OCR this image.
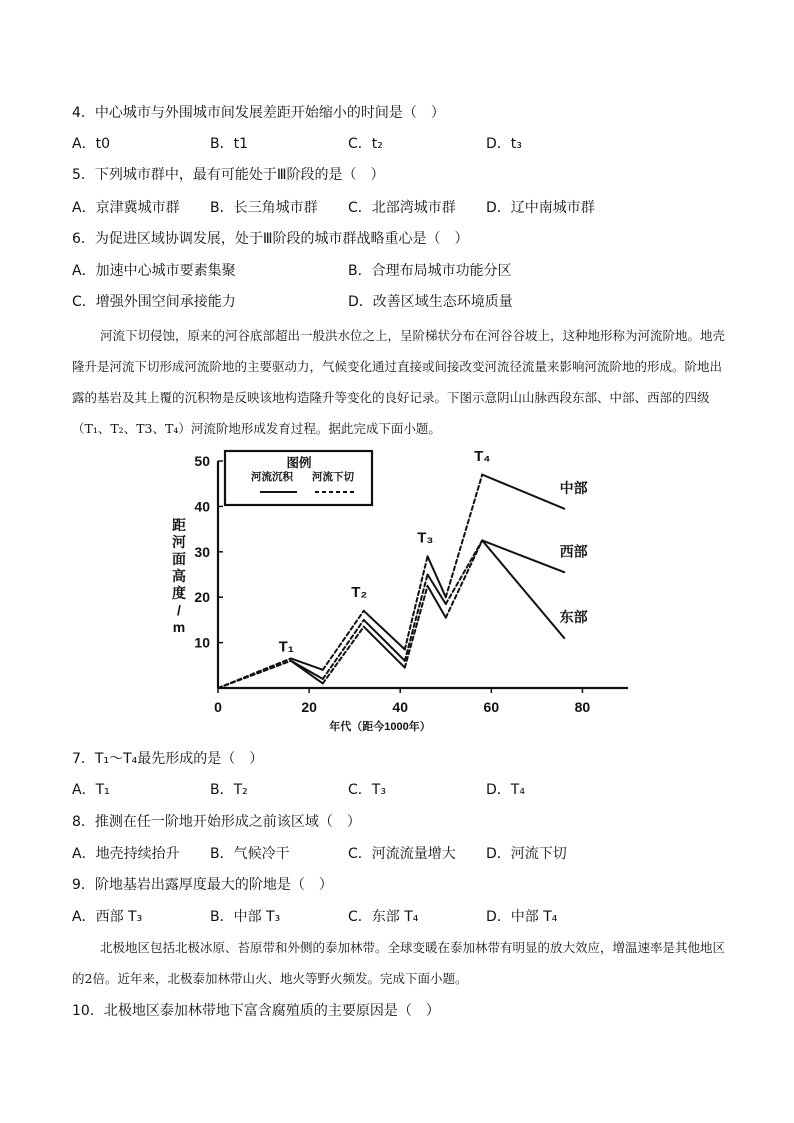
4．中心城市与外围城市间发展差距开始缩小的时间是（　）
A．t0	B．t1	C．t₂	D．t₃
5．下列城市群中，最有可能处于Ⅲ阶段的是（　）
A．京津冀城市群 B．长三角城市群 C．北部湾城市群 D．辽中南城市群
6．为促进区域协调发展，处于Ⅲ阶段的城市群战略重心是（　）
A．加速中心城市要素集聚	B．合理布局城市功能分区
C．增强外围空间承接能力	D．改善区域生态环境质量
河流下切侵蚀，原来的河谷底部超出一般洪水位之上，呈阶梯状分布在河谷谷坡上，这种地形称为河流阶地。地壳隆升是河流下切形成河流阶地的主要驱动力，气候变化通过直接或间接改变河流径流量来影响河流阶地的形成。阶地出露的基岩及其上覆的沉积物是反映该地构造隆升等变化的良好记录。下图示意阴山山脉西段东部、中部、西部的四级（T₁、T₂、T3、T₄）河流阶地形成发育过程。据此完成下面小题。
0	20	40	60	80
10
20
30
40
50
距河面高度/ m
图例
河流沉积 河流下切
中部
西部
东部
T₁
T₂
T₃
T₄
年代（距今1000年）
7．T₁～T₄最先形成的是（　）
A．T₁	B．T₂	C．T₃	D．T₄
8．推测在任一阶地开始形成之前该区域（　）
A．地壳持续抬升 B．气候冷干	C．河流流量增大 D．河流下切
9．阶地基岩出露厚度最大的阶地是（　）
A．西部 T₃	B．中部 T₃	C．东部 T₄	D．中部 T₄
北极地区包括北极冰原、苔原带和外侧的泰加林带。全球变暖在泰加林带有明显的放大效应，增温速率是其他地区的2倍。近年来，北极泰加林带山火、地火等野火频发。完成下面小题。
10．北极地区泰加林带地下富含腐殖质的主要原因是（　）
